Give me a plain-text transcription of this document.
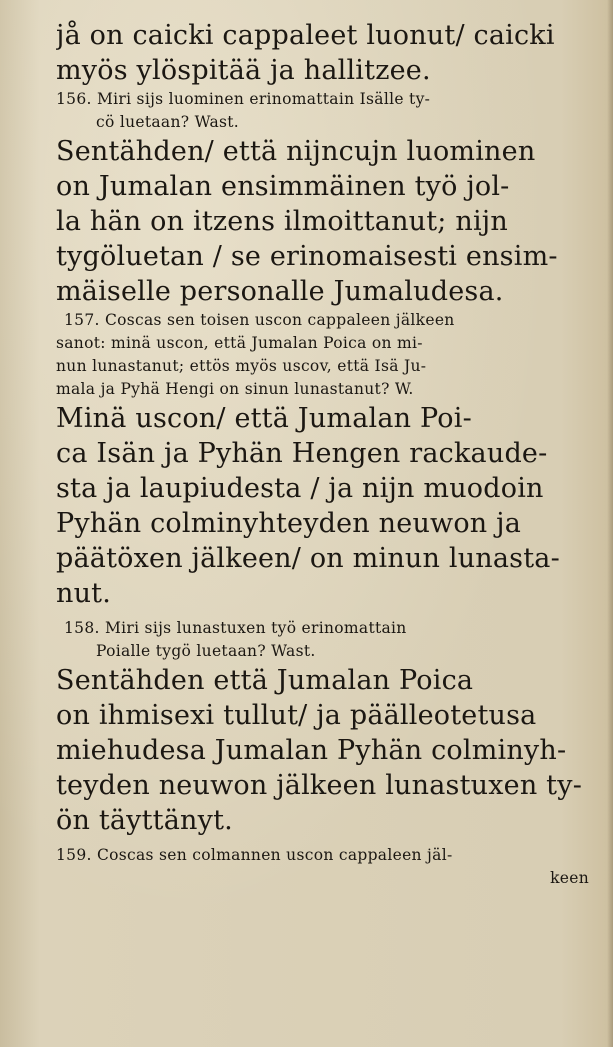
jå on caicki cappaleet luonut/ caicki
myös ylöspitää ja hallitzee.
156. Miri sijs luominen erinomattain Isälle ty-
cö luetaan? Wast.
Sentähden/ että nijncujn luominen
on Jumalan ensimmäinen työ jol-
la hän on itzens ilmoittanut; nijn
tygöluetan / se erinomaisesti ensim-
mäiselle personalle Jumaludesa.
157. Coscas sen toisen uscon cappaleen jälkeen
sanot: minä uscon, että Jumalan Poica on mi-
nun lunastanut; ettös myös uscov, että Isä Ju-
mala ja Pyhä Hengi on sinun lunastanut? W.
Minä uscon/ että Jumalan Poi-
ca Isän ja Pyhän Hengen rackaude-
sta ja laupiudesta / ja nijn muodoin
Pyhän colminyhteyden neuwon ja
päätöxen jälkeen/ on minun lunasta-
nut.
158. Miri sijs lunastuxen työ erinomattain
Poialle tygö luetaan? Wast.
Sentähden että Jumalan Poica
on ihmisexi tullut/ ja päälleotetusa
miehudesa Jumalan Pyhän colminyh-
teyden neuwon jälkeen lunastuxen ty-
ön täyttänyt.
159. Coscas sen colmannen uscon cappaleen jäl-
keen
